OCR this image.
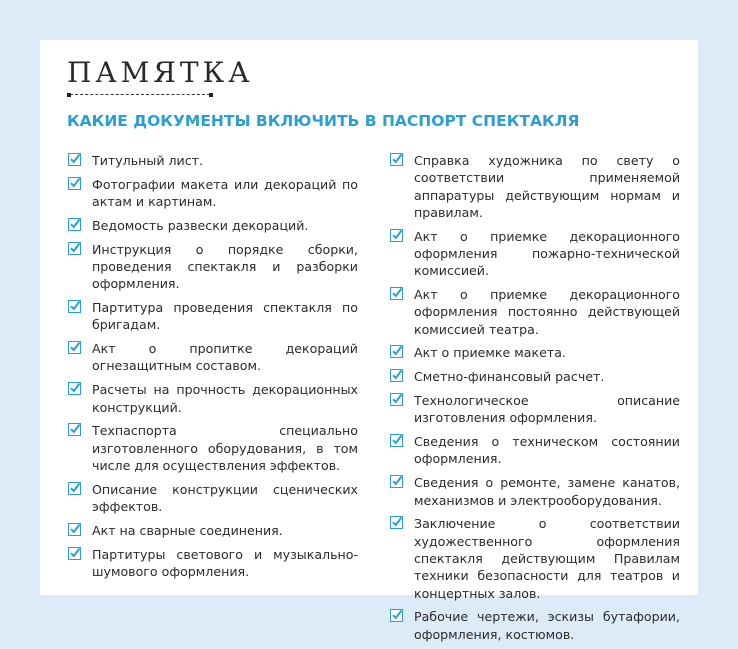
ПАМЯТКА
КАКИЕ ДОКУМЕНТЫ ВКЛЮЧИТЬ В ПАСПОРТ СПЕКТАКЛЯ
Титульный лист.
Фотографии макета или декораций по актам и картинам.
Ведомость развески декораций.
Инструкция о порядке сборки, проведения спектакля и разборки оформления.
Партитура проведения спектакля по бригадам.
Акт о пропитке декораций огнезащитным составом.
Расчеты на прочность декорационных конструкций.
Техпаспорта специально изготовленного оборудования, в том числе для осуществления эффектов.
Описание конструкции сценических эффектов.
Акт на сварные соединения.
Партитуры светового и музыкально-шумового оформления.
Справка художника по свету о соответствии применяемой аппаратуры действующим нормам и правилам.
Акт о приемке декорационного оформления пожарно-технической комиссией.
Акт о приемке декорационного оформления постоянно действующей комиссией театра.
Акт о приемке макета.
Сметно-финансовый расчет.
Технологическое описание изготовления оформления.
Сведения о техническом состоянии оформления.
Сведения о ремонте, замене канатов, механизмов и электрооборудования.
Заключение о соответствии художественного оформления спектакля действующим Правилам техники безопасности для театров и концертных залов.
Рабочие чертежи, эскизы бутафории, оформления, костюмов.
